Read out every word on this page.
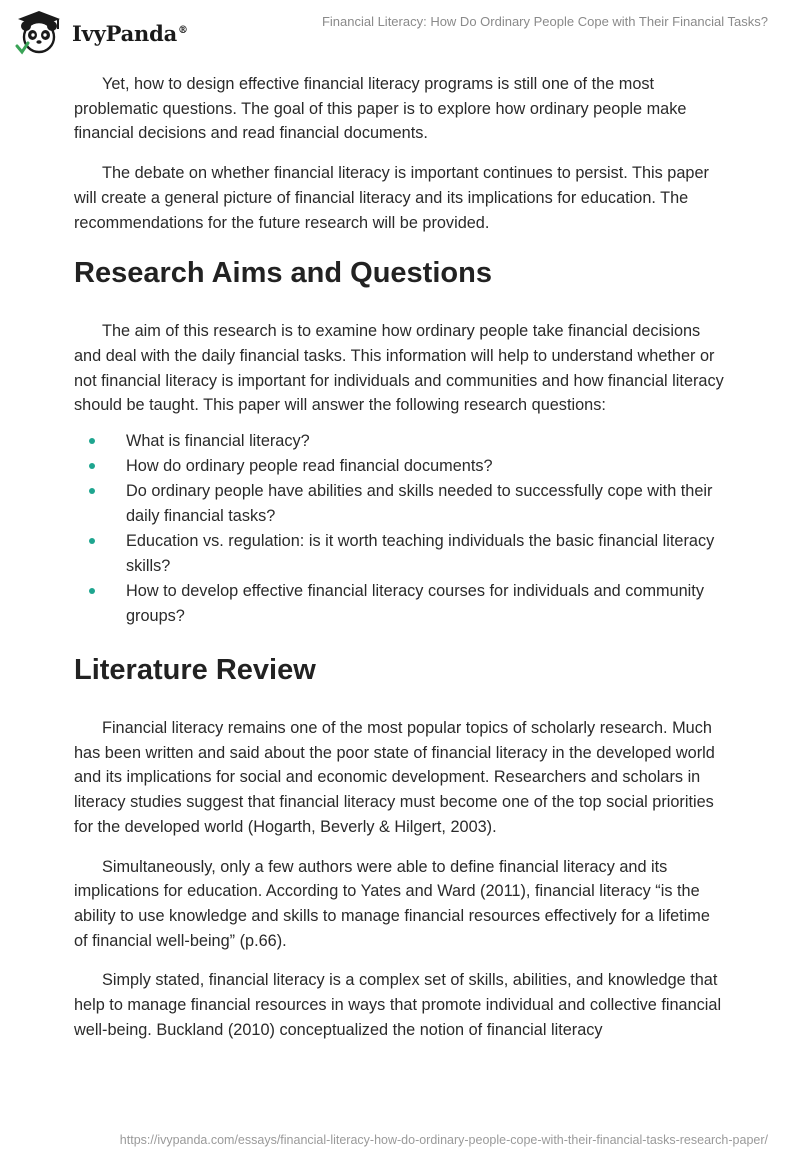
IvyPanda®
Financial Literacy: How Do Ordinary People Cope with Their Financial Tasks?

Yet, how to design effective financial literacy programs is still one of the most problematic questions. The goal of this paper is to explore how ordinary people make financial decisions and read financial documents.

The debate on whether financial literacy is important continues to persist. This paper will create a general picture of financial literacy and its implications for education. The recommendations for the future research will be provided.

Research Aims and Questions

The aim of this research is to examine how ordinary people take financial decisions and deal with the daily financial tasks. This information will help to understand whether or not financial literacy is important for individuals and communities and how financial literacy should be taught. This paper will answer the following research questions:

What is financial literacy?
How do ordinary people read financial documents?
Do ordinary people have abilities and skills needed to successfully cope with their daily financial tasks?
Education vs. regulation: is it worth teaching individuals the basic financial literacy skills?
How to develop effective financial literacy courses for individuals and community groups?
Literature Review

Financial literacy remains one of the most popular topics of scholarly research. Much has been written and said about the poor state of financial literacy in the developed world and its implications for social and economic development. Researchers and scholars in literacy studies suggest that financial literacy must become one of the top social priorities for the developed world (Hogarth, Beverly & Hilgert, 2003).

Simultaneously, only a few authors were able to define financial literacy and its implications for education. According to Yates and Ward (2011), financial literacy “is the ability to use knowledge and skills to manage financial resources effectively for a lifetime of financial well-being” (p.66).

Simply stated, financial literacy is a complex set of skills, abilities, and knowledge that help to manage financial resources in ways that promote individual and collective financial well-being. Buckland (2010) conceptualized the notion of financial literacy

https://ivypanda.com/essays/financial-literacy-how-do-ordinary-people-cope-with-their-financial-tasks-research-paper/
